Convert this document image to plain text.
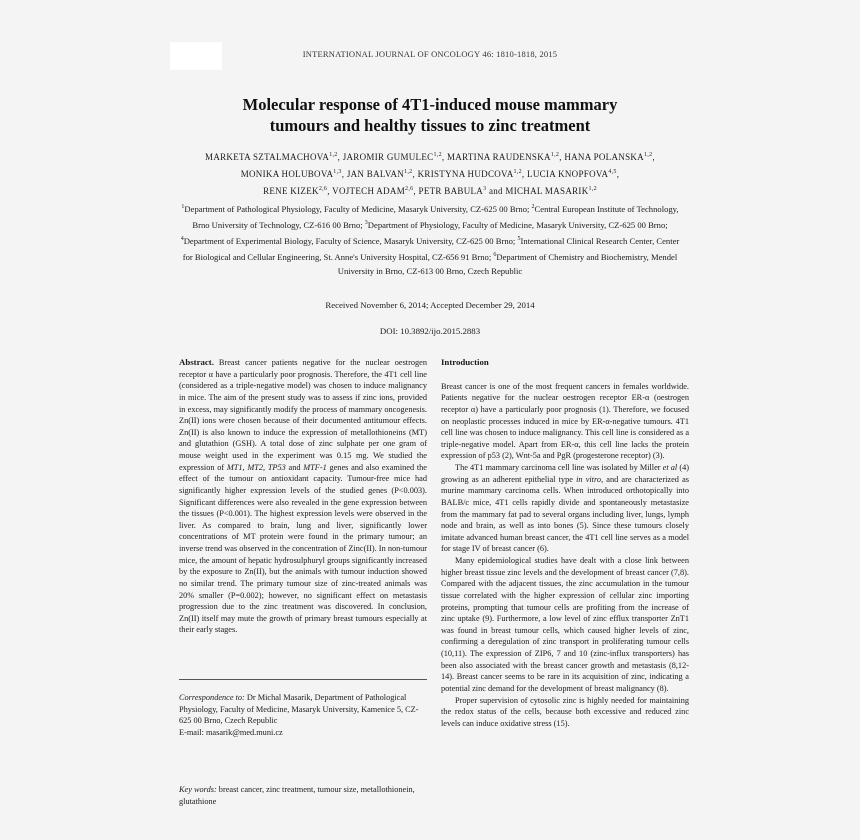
INTERNATIONAL JOURNAL OF ONCOLOGY 46: 1810-1818, 2015
Molecular response of 4T1-induced mouse mammary
tumours and healthy tissues to zinc treatment
MARKETA SZTALMACHOVA$^{1,2}$, JAROMIR GUMULEC$^{1,2}$, MARTINA RAUDENSKA$^{1,2}$, HANA POLANSKA$^{1,2}$,
MONIKA HOLUBOVA$^{1,3}$, JAN BALVAN$^{1,2}$, KRISTYNA HUDCOVA$^{1,2}$, LUCIA KNOPFOVA$^{4,5}$,
RENE KIZEK$^{2,6}$, VOJTECH ADAM$^{2,6}$, PETR BABULA$^3$ and MICHAL MASARIK$^{1,2}$
$^1$Department of Pathological Physiology, Faculty of Medicine, Masaryk University, CZ-625 00 Brno; $^2$Central European Institute of Technology, Brno University of Technology, CZ-616 00 Brno; $^3$Department of Physiology, Faculty of Medicine, Masaryk University, CZ-625 00 Brno; $^4$Department of Experimental Biology, Faculty of Science, Masaryk University, CZ-625 00 Brno; $^5$International Clinical Research Center, Center for Biological and Cellular Engineering, St. Anne's University Hospital, CZ-656 91 Brno; $^6$Department of Chemistry and Biochemistry, Mendel University in Brno, CZ-613 00 Brno, Czech Republic
Received November 6, 2014; Accepted December 29, 2014
DOI: 10.3892/ijo.2015.2883

Abstract. Breast cancer patients negative for the nuclear oestrogen receptor α have a particularly poor prognosis. Therefore, the 4T1 cell line (considered as a triple-negative model) was chosen to induce malignancy in mice. The aim of the present study was to assess if zinc ions, provided in excess, may significantly modify the process of mammary oncogenesis. Zn(II) ions were chosen because of their documented antitumour effects. Zn(II) is also known to induce the expression of metallothioneins (MT) and glutathion (GSH). A total dose of zinc sulphate per one gram of mouse weight used in the experiment was 0.15 mg. We studied the expression of MT1, MT2, TP53 and MTF-1 genes and also examined the effect of the tumour on antioxidant capacity. Tumour-free mice had significantly higher expression levels of the studied genes (P<0.003). Significant differences were also revealed in the gene expression between the tissues (P<0.001). The highest expression levels were observed in the liver. As compared to brain, lung and liver, significantly lower concentrations of MT protein were found in the primary tumour; an inverse trend was observed in the concentration of Zinc(II). In non-tumour mice, the amount of hepatic hydrosulphuryl groups significantly increased by the exposure to Zn(II), but the animals with tumour induction showed no similar trend. The primary tumour size of zinc-treated animals was 20% smaller (P=0.002); however, no significant effect on metastasis progression due to the zinc treatment was discovered. In conclusion, Zn(II) itself may mute the growth of primary breast tumours especially at their early stages.

Correspondence to: Dr Michal Masarik, Department of Pathological Physiology, Faculty of Medicine, Masaryk University, Kamenice 5, CZ-625 00 Brno, Czech Republic

E-mail: masarik@med.muni.cz

Key words: breast cancer, zinc treatment, tumour size, metallothionein, glutathione

Introduction

Breast cancer is one of the most frequent cancers in females worldwide. Patients negative for the nuclear oestrogen receptor ER-α (oestrogen receptor α) have a particularly poor prognosis (1). Therefore, we focused on neoplastic processes induced in mice by ER-α-negative tumours. 4T1 cell line was chosen to induce malignancy. This cell line is considered as a triple-negative model. Apart from ER-α, this cell line lacks the protein expression of p53 (2), Wnt-5a and PgR (progesterone receptor) (3).

The 4T1 mammary carcinoma cell line was isolated by Miller et al (4) growing as an adherent epithelial type in vitro, and are characterized as murine mammary carcinoma cells. When introduced orthotopically into BALB/c mice, 4T1 cells rapidly divide and spontaneously metastasize from the mammary fat pad to several organs including liver, lungs, lymph node and brain, as well as into bones (5). Since these tumours closely imitate advanced human breast cancer, the 4T1 cell line serves as a model for stage IV of breast cancer (6).

Many epidemiological studies have dealt with a close link between higher breast tissue zinc levels and the development of breast cancer (7,8). Compared with the adjacent tissues, the zinc accumulation in the tumour tissue correlated with the higher expression of cellular zinc importing proteins, prompting that tumour cells are profiting from the increase of zinc uptake (9). Furthermore, a low level of zinc efflux transporter ZnT1 was found in breast tumour cells, which caused higher levels of zinc, confirming a deregulation of zinc transport in proliferating tumour cells (10,11). The expression of ZIP6, 7 and 10 (zinc-influx transporters) has been also associated with the breast cancer growth and metastasis (8,12-14). Breast cancer seems to be rare in its acquisition of zinc, indicating a potential zinc demand for the development of breast malignancy (8).

Proper supervision of cytosolic zinc is highly needed for maintaining the redox status of the cells, because both excessive and reduced zinc levels can induce oxidative stress (15).
